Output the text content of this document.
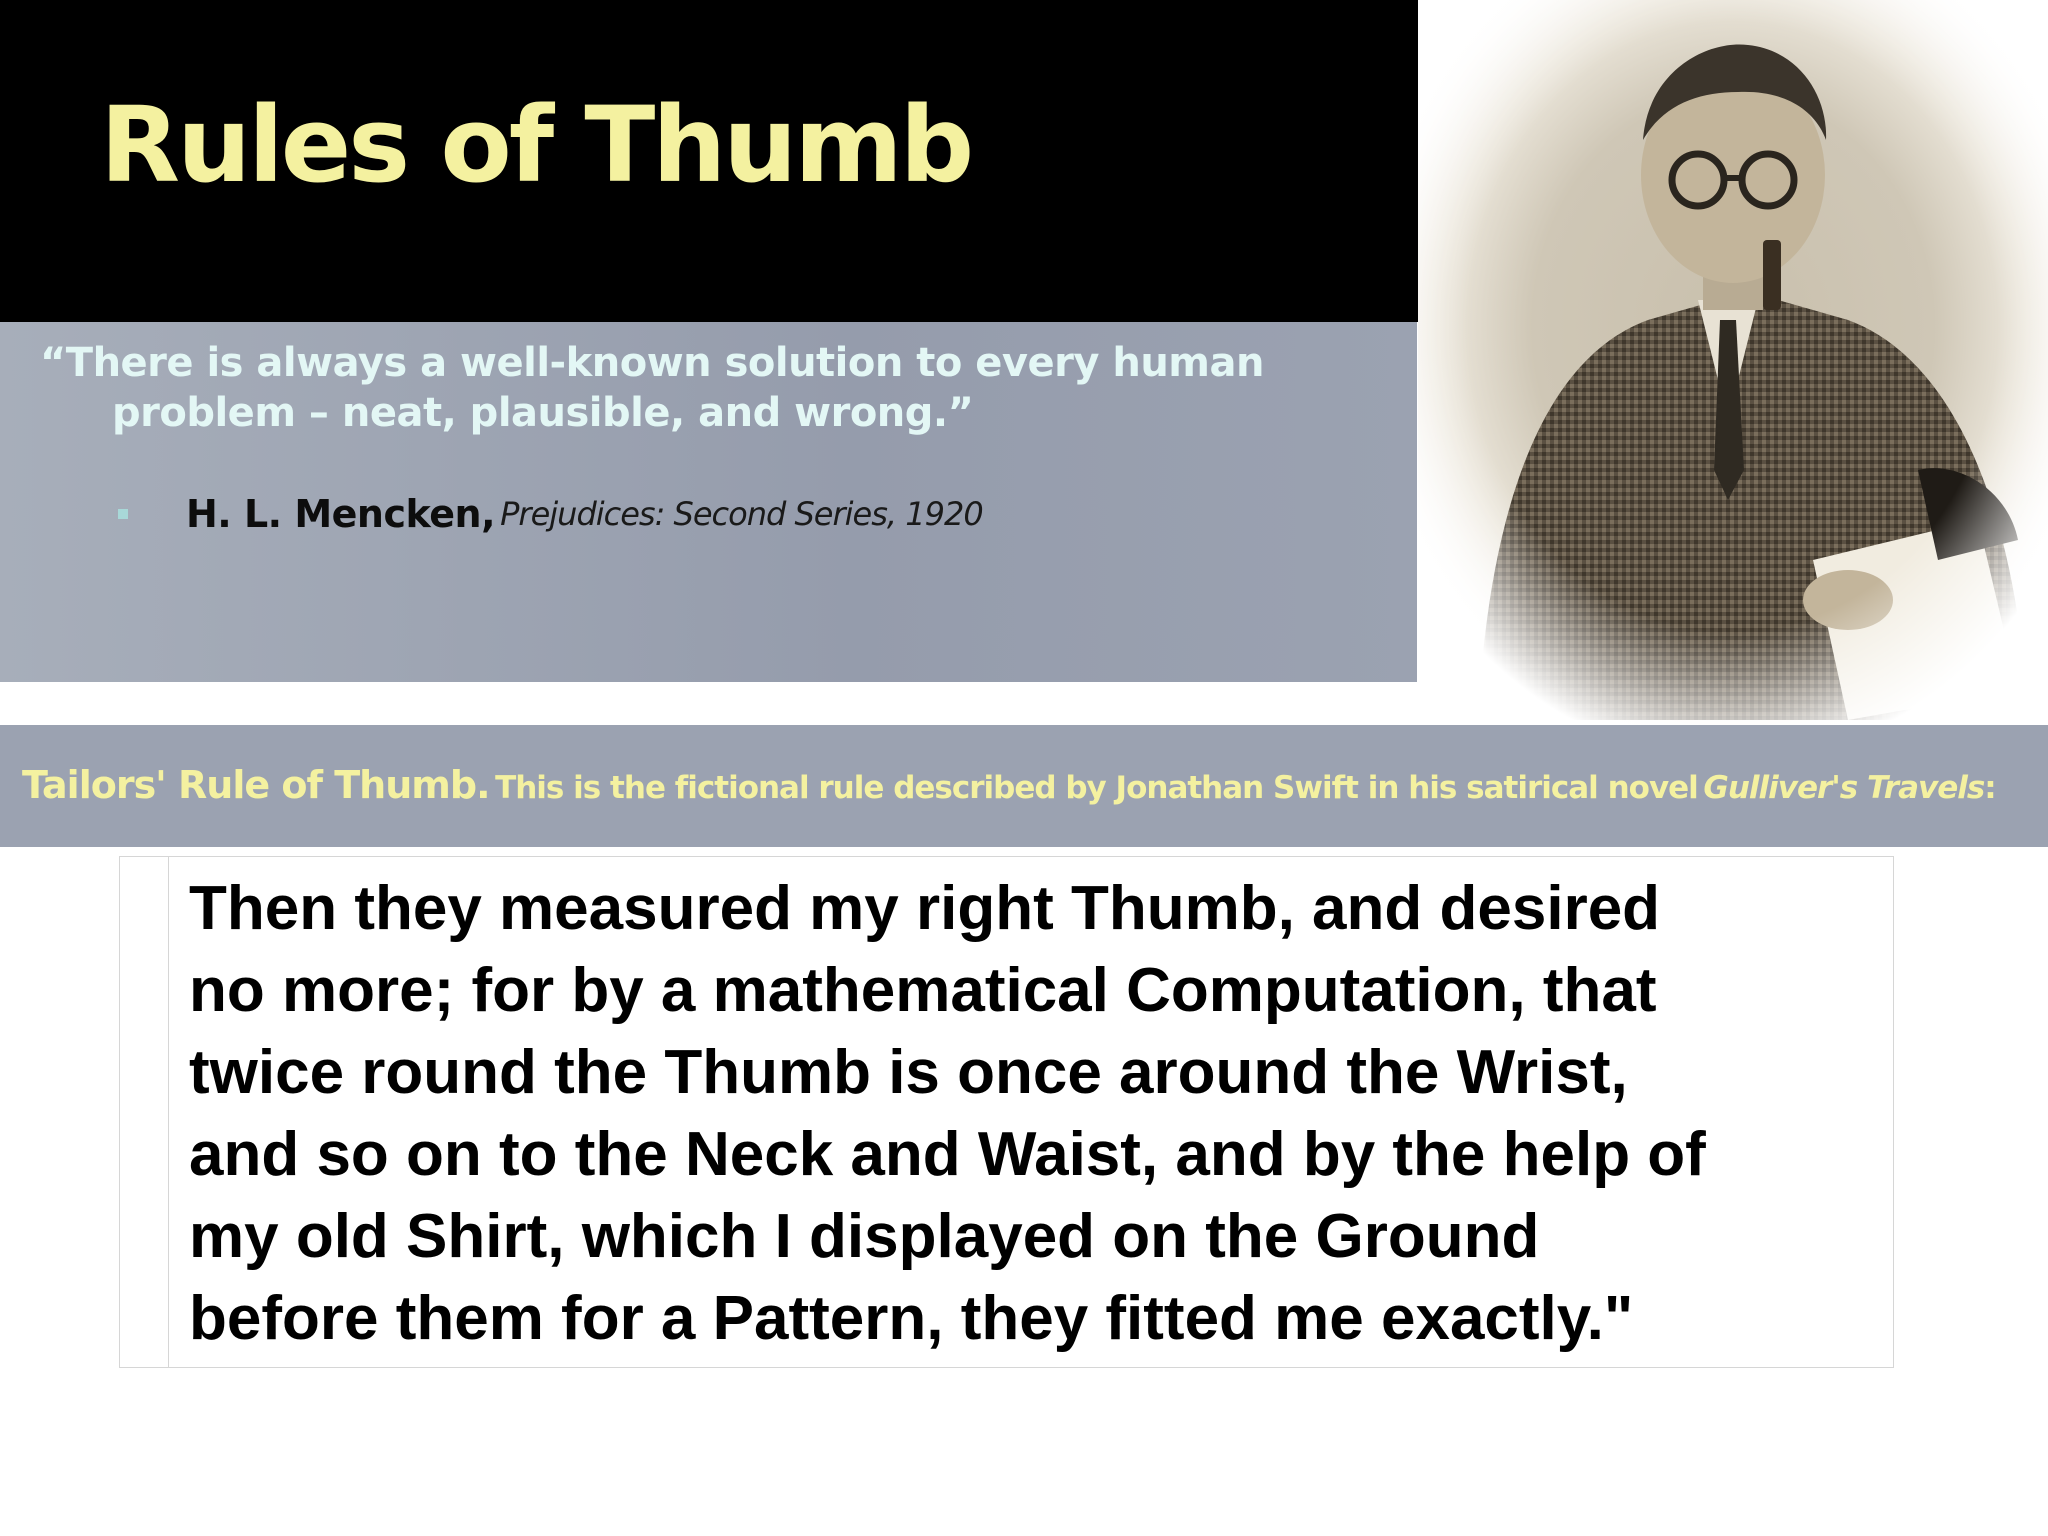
Rules of Thumb
“There is always a well-known solution to every human
problem – neat, plausible, and wrong.”
H. L. Mencken ,
Prejudices: Second Series, 1920
Tailors' Rule of Thumb. This is the fictional rule described by Jonathan Swift in his satirical novel Gulliver's Travels:
Then they measured my right Thumb, and desired
no more; for by a mathematical Computation, that
twice round the Thumb is once around the Wrist,
and so on to the Neck and Waist, and by the help of
my old Shirt, which I displayed on the Ground
before them for a Pattern, they fitted me exactly."
